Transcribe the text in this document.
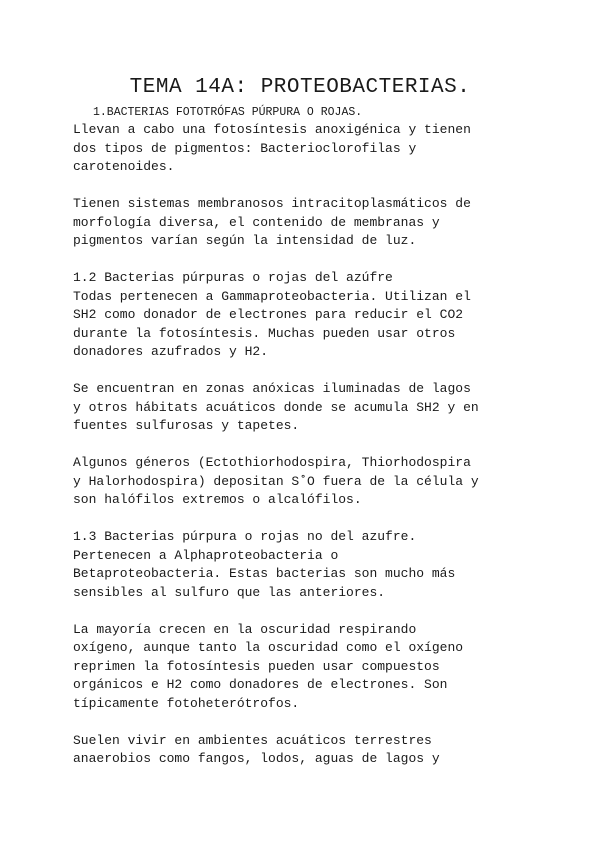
TEMA 14A: PROTEOBACTERIAS.
1.BACTERIAS FOTOTRÓFAS PÚRPURA O ROJAS.
Llevan a cabo una fotosíntesis anoxigénica y tienen
dos tipos de pigmentos: Bacterioclorofilas y
carotenoides.
Tienen sistemas membranosos intracitoplasmáticos de
morfología diversa, el contenido de membranas y
pigmentos varían según la intensidad de luz.
1.2 Bacterias púrpuras o rojas del azúfre
Todas pertenecen a Gammaproteobacteria. Utilizan el
SH2 como donador de electrones para reducir el CO2
durante la fotosíntesis. Muchas pueden usar otros
donadores azufrados y H2.
Se encuentran en zonas anóxicas iluminadas de lagos
y otros hábitats acuáticos donde se acumula SH2 y en
fuentes sulfurosas y tapetes.
Algunos géneros (Ectothiorhodospira, Thiorhodospira
y Halorhodospira) depositan S˚O fuera de la célula y
son halófilos extremos o alcalófilos.
1.3 Bacterias púrpura o rojas no del azufre.
Pertenecen a Alphaproteobacteria o
Betaproteobacteria. Estas bacterias son mucho más
sensibles al sulfuro que las anteriores.
La mayoría crecen en la oscuridad respirando
oxígeno, aunque tanto la oscuridad como el oxígeno
reprimen la fotosíntesis pueden usar compuestos
orgánicos e H2 como donadores de electrones. Son
típicamente fotoheterótrofos.
Suelen vivir en ambientes acuáticos terrestres
anaerobios como fangos, lodos, aguas de lagos y
